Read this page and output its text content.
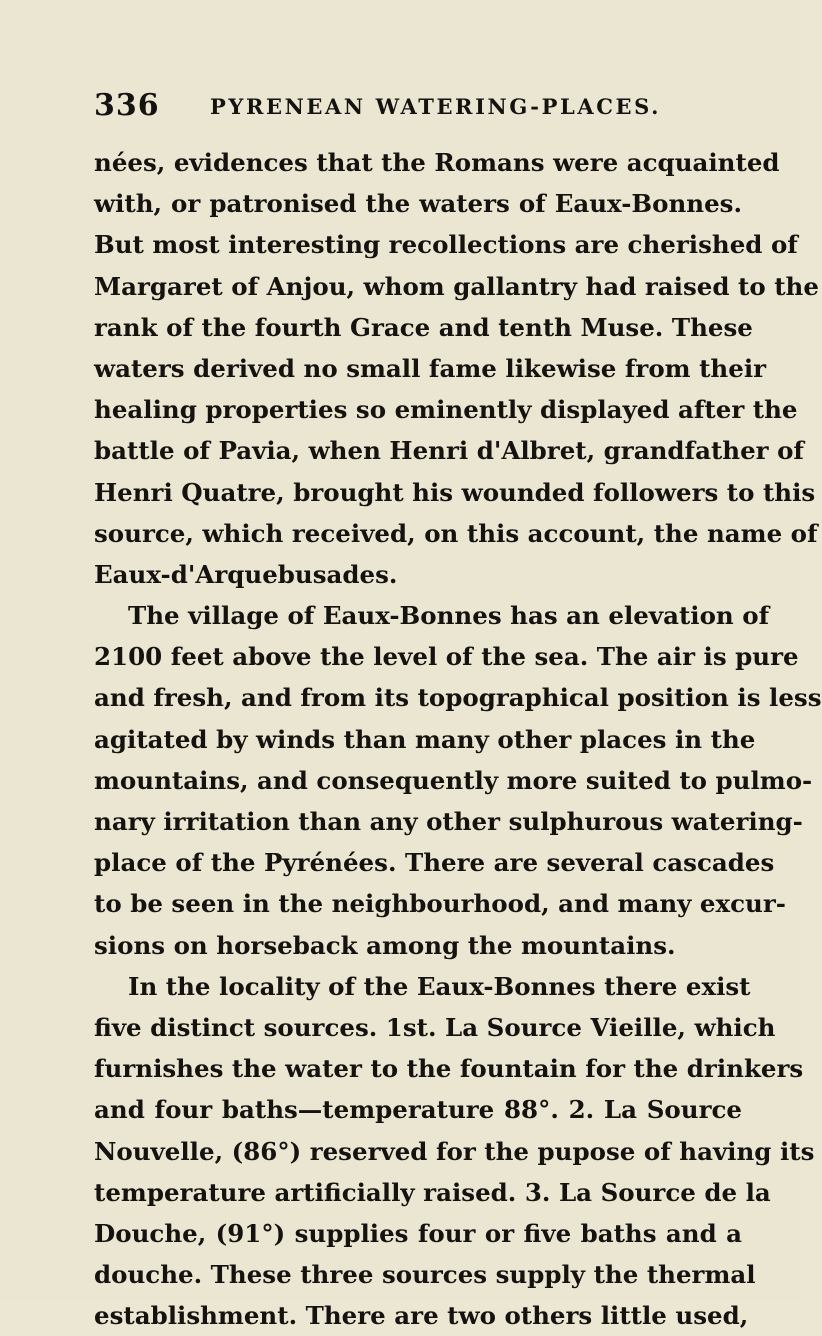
336 PYRENEAN WATERING-PLACES.
nées, evidences that the Romans were acquainted
with, or patronised the waters of Eaux-Bonnes.
But most interesting recollections are cherished of
Margaret of Anjou, whom gallantry had raised to the
rank of the fourth Grace and tenth Muse. These
waters derived no small fame likewise from their
healing properties so eminently displayed after the
battle of Pavia, when Henri d'Albret, grandfather of
Henri Quatre, brought his wounded followers to this
source, which received, on this account, the name of
Eaux-d'Arquebusades.
The village of Eaux-Bonnes has an elevation of
2100 feet above the level of the sea. The air is pure
and fresh, and from its topographical position is less
agitated by winds than many other places in the
mountains, and consequently more suited to pulmo-
nary irritation than any other sulphurous watering-
place of the Pyrénées. There are several cascades
to be seen in the neighbourhood, and many excur-
sions on horseback among the mountains.
In the locality of the Eaux-Bonnes there exist
five distinct sources. 1st. La Source Vieille, which
furnishes the water to the fountain for the drinkers
and four baths—temperature 88°. 2. La Source
Nouvelle, (86°) reserved for the pupose of having its
temperature artificially raised. 3. La Source de la
Douche, (91°) supplies four or five baths and a
douche. These three sources supply the thermal
establishment. There are two others little used,
